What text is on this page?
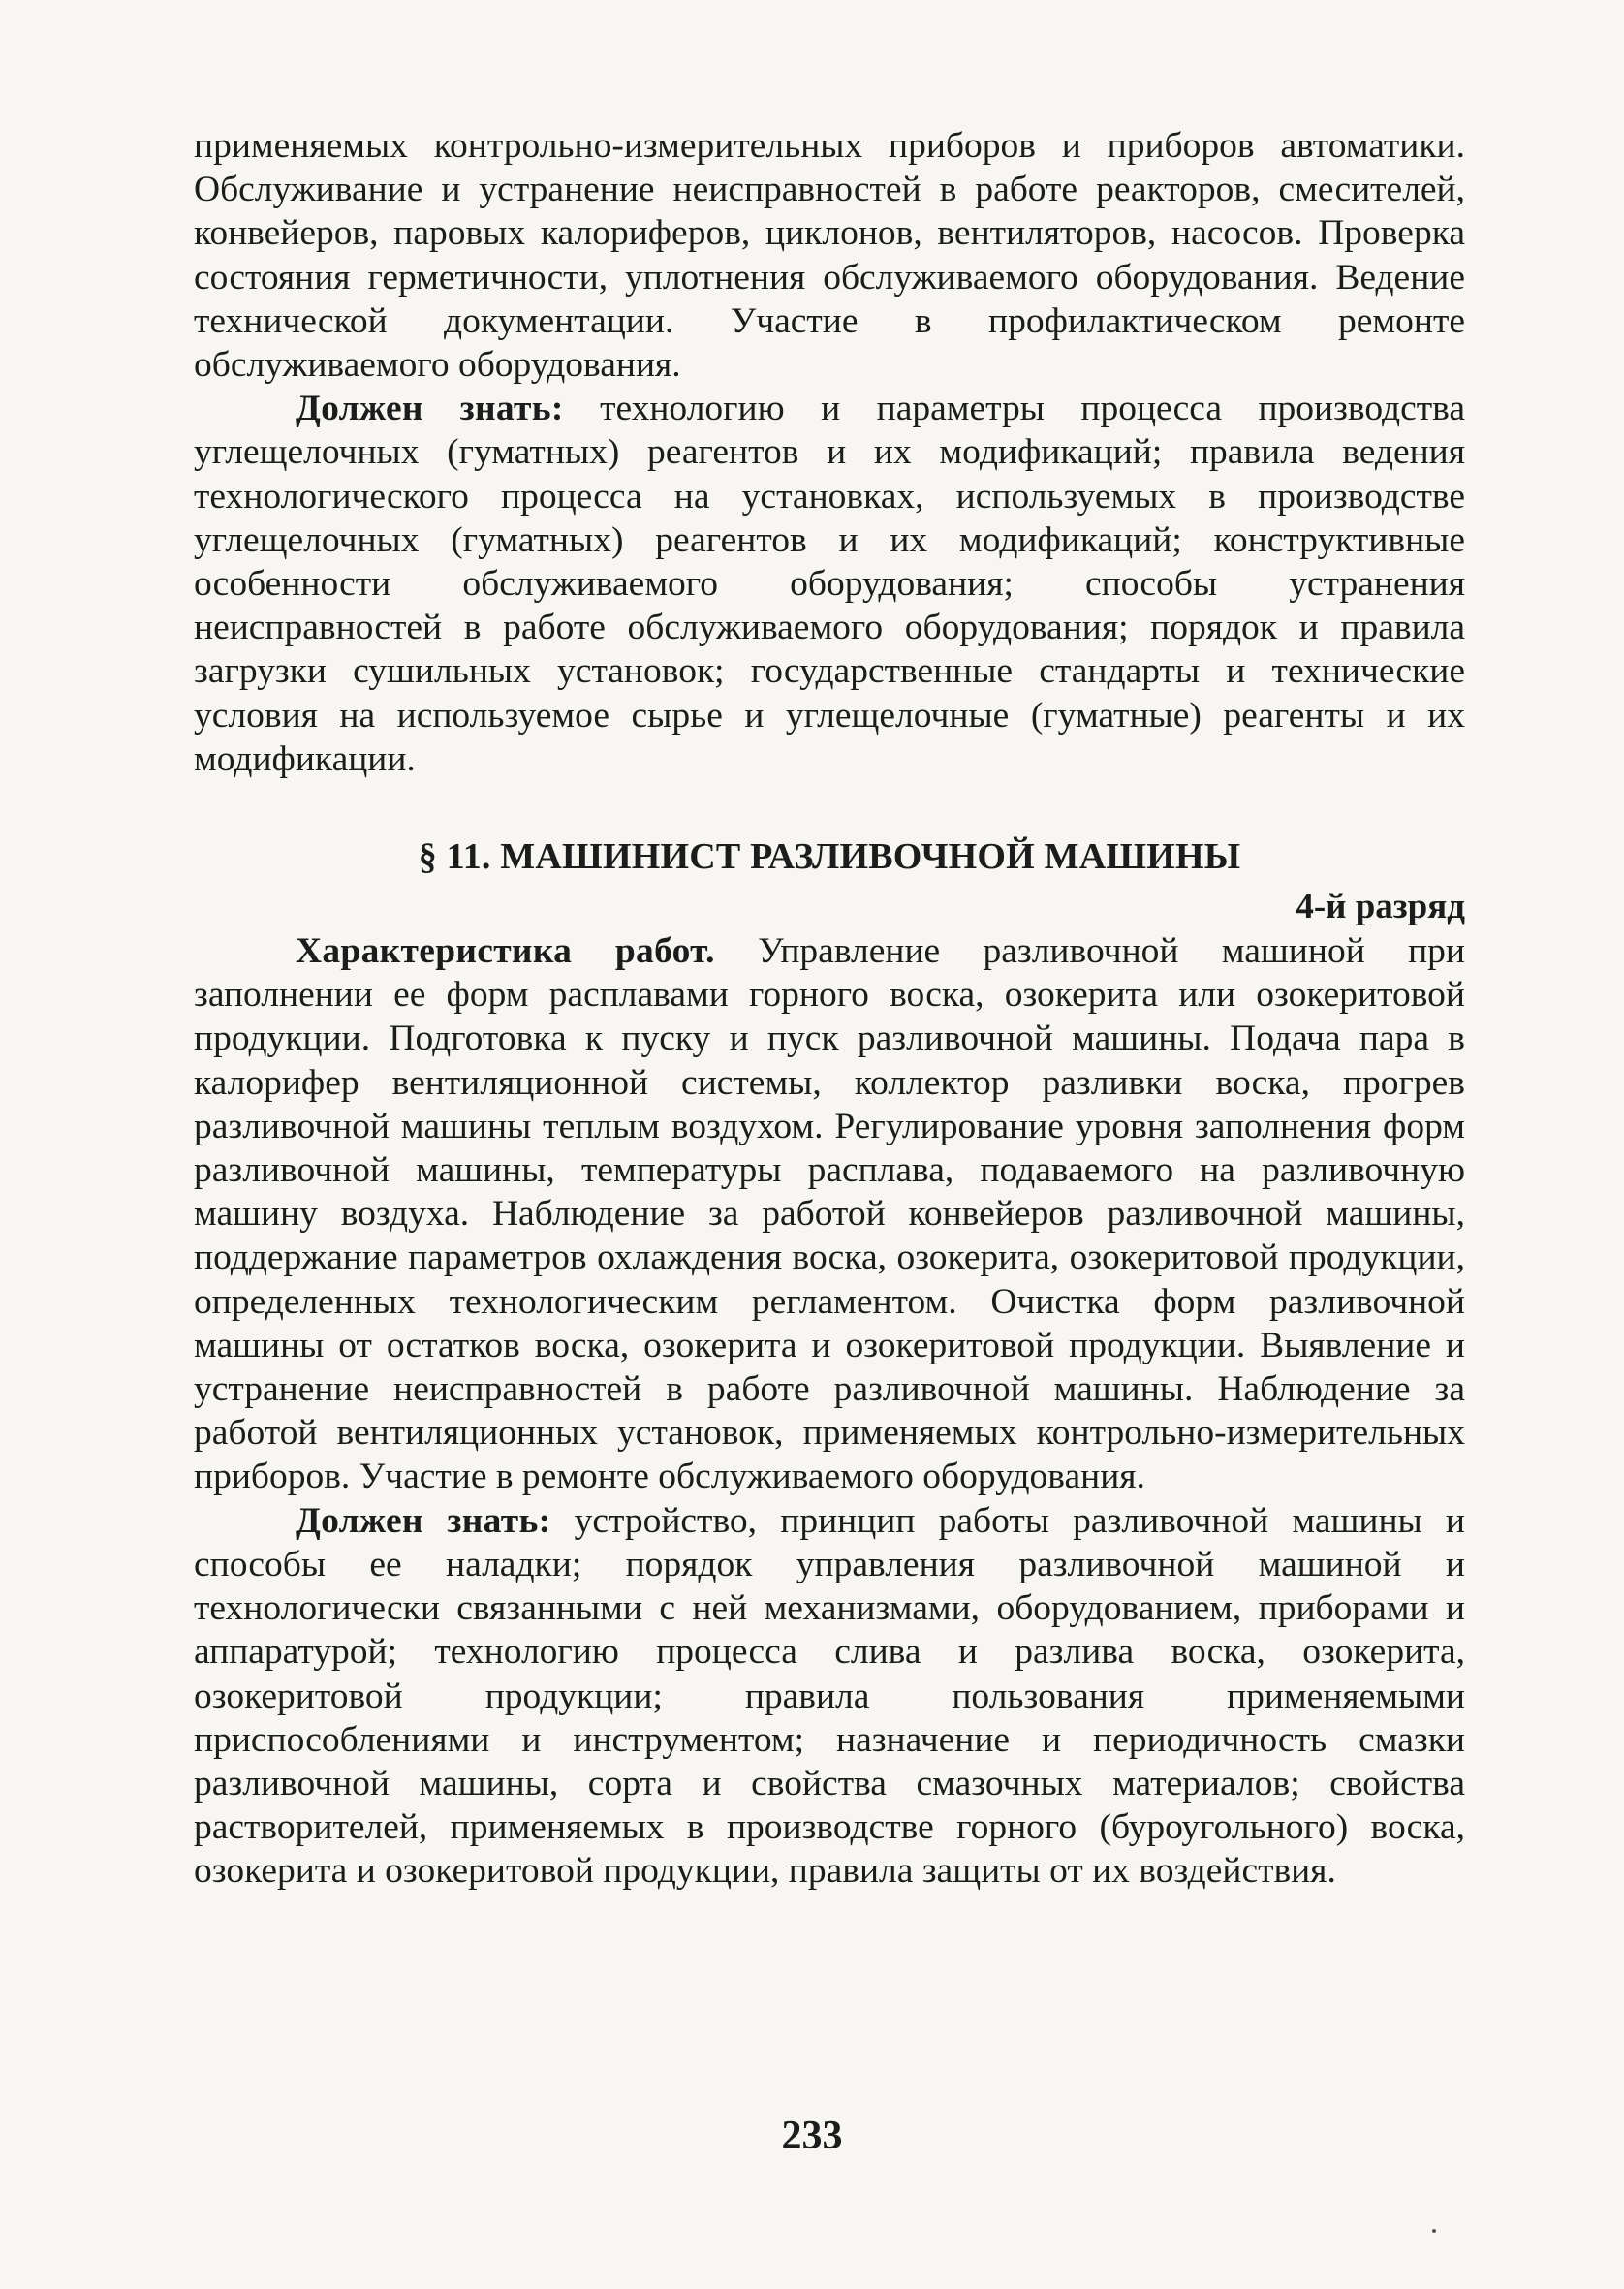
применяемых контрольно-измерительных приборов и приборов автоматики. Обслуживание и устранение неисправностей в работе реакторов, смесителей, конвейеров, паровых калориферов, циклонов, вентиляторов, насосов. Проверка состояния герметичности, уплотнения обслуживаемого оборудования. Ведение технической документации. Участие в профилактическом ремонте обслуживаемого оборудования.

Должен знать: технологию и параметры процесса производства углещелочных (гуматных) реагентов и их модификаций; правила ведения технологического процесса на установках, используемых в производстве углещелочных (гуматных) реагентов и их модификаций; конструктивные особенности обслуживаемого оборудования; способы устранения неисправностей в работе обслуживаемого оборудования; порядок и правила загрузки сушильных установок; государственные стандарты и технические условия на используемое сырье и углещелочные (гуматные) реагенты и их модификации.

§ 11. МАШИНИСТ РАЗЛИВОЧНОЙ МАШИНЫ
4-й разряд

Характеристика работ. Управление разливочной машиной при заполнении ее форм расплавами горного воска, озокерита или озокеритовой продукции. Подготовка к пуску и пуск разливочной машины. Подача пара в калорифер вентиляционной системы, коллектор разливки воска, прогрев разливочной машины теплым воздухом. Регулирование уровня заполнения форм разливочной машины, температуры расплава, подаваемого на разливочную машину воздуха. Наблюдение за работой конвейеров разливочной машины, поддержание параметров охлаждения воска, озокерита, озокеритовой продукции, определенных технологическим регламентом. Очистка форм разливочной машины от остатков воска, озокерита и озокеритовой продукции. Выявление и устранение неисправностей в работе разливочной машины. Наблюдение за работой вентиляционных установок, применяемых контрольно-измерительных приборов. Участие в ремонте обслуживаемого оборудования.

Должен знать: устройство, принцип работы разливочной машины и способы ее наладки; порядок управления разливочной машиной и технологически связанными с ней механизмами, оборудованием, приборами и аппаратурой; технологию процесса слива и разлива воска, озокерита, озокеритовой продукции; правила пользования применяемыми приспособлениями и инструментом; назначение и периодичность смазки разливочной машины, сорта и свойства смазочных материалов; свойства растворителей, применяемых в производстве горного (буроугольного) воска, озокерита и озокеритовой продукции, правила защиты от их воздействия.

233
